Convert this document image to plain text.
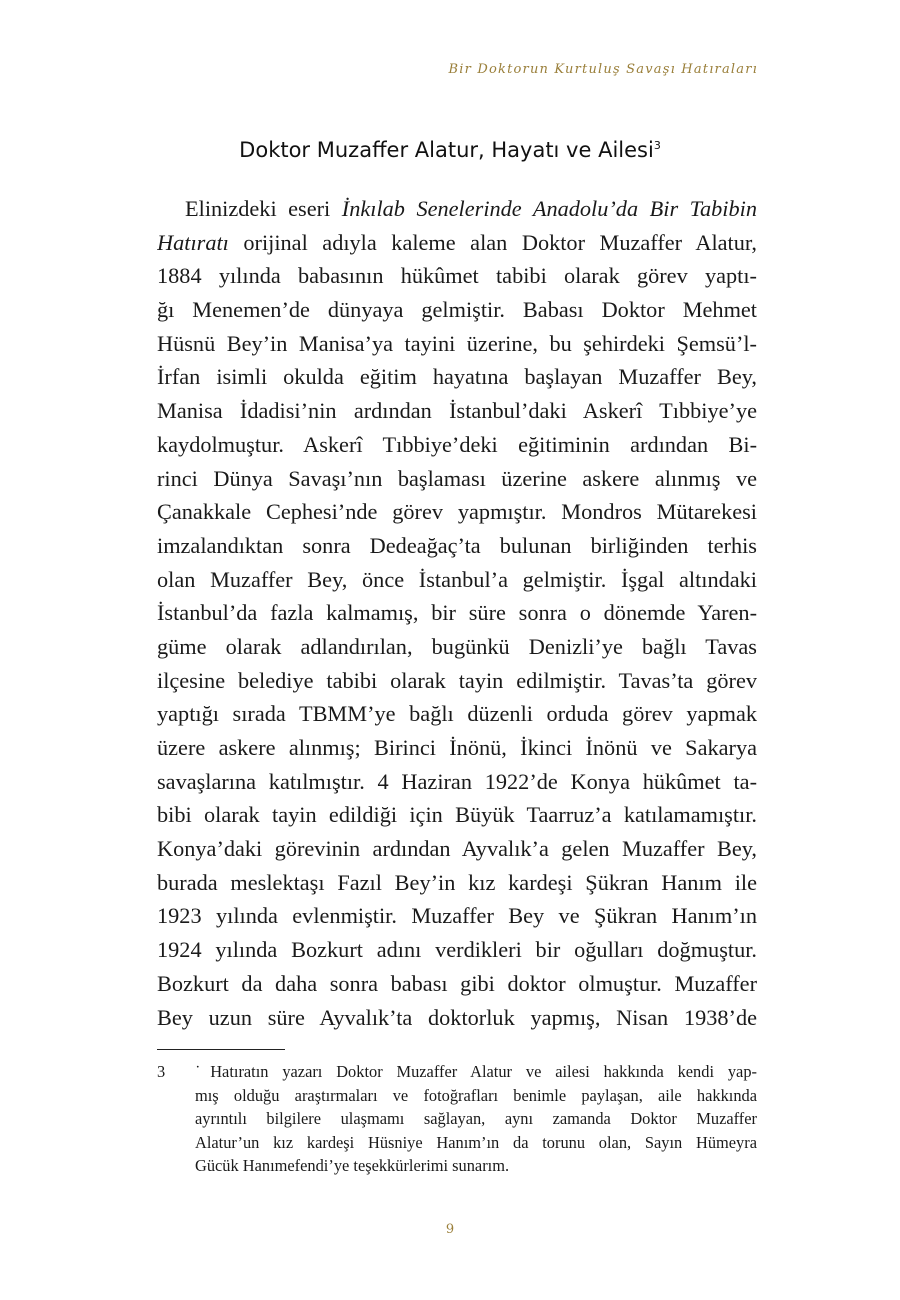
Bir Doktorun Kurtuluş Savaşı Hatıraları
Doktor Muzaffer Alatur, Hayatı ve Ailesi$^3$
Elinizdeki eseri İnkılab Senelerinde Anadolu’da Bir Tabibin
Hatıratı orijinal adıyla kaleme alan Doktor Muzaffer Alatur,
1884 yılında babasının hükûmet tabibi olarak görev yaptı-
ğı Menemen’de dünyaya gelmiştir. Babası Doktor Mehmet
Hüsnü Bey’in Manisa’ya tayini üzerine, bu şehirdeki Şemsü’l-
İrfan isimli okulda eğitim hayatına başlayan Muzaffer Bey,
Manisa İdadisi’nin ardından İstanbul’daki Askerî Tıbbiye’ye
kaydolmuştur. Askerî Tıbbiye’deki eğitiminin ardından Bi-
rinci Dünya Savaşı’nın başlaması üzerine askere alınmış ve
Çanakkale Cephesi’nde görev yapmıştır. Mondros Mütarekesi
imzalandıktan sonra Dedeağaç’ta bulunan birliğinden terhis
olan Muzaffer Bey, önce İstanbul’a gelmiştir. İşgal altındaki
İstanbul’da fazla kalmamış, bir süre sonra o dönemde Yaren-
güme olarak adlandırılan, bugünkü Denizli’ye bağlı Tavas
ilçesine belediye tabibi olarak tayin edilmiştir. Tavas’ta görev
yaptığı sırada TBMM’ye bağlı düzenli orduda görev yapmak
üzere askere alınmış; Birinci İnönü, İkinci İnönü ve Sakarya
savaşlarına katılmıştır. 4 Haziran 1922’de Konya hükûmet ta-
bibi olarak tayin edildiği için Büyük Taarruz’a katılamamıştır.
Konya’daki görevinin ardından Ayvalık’a gelen Muzaffer Bey,
burada meslektaşı Fazıl Bey’in kız kardeşi Şükran Hanım ile
1923 yılında evlenmiştir. Muzaffer Bey ve Şükran Hanım’ın
1924 yılında Bozkurt adını verdikleri bir oğulları doğmuştur.
Bozkurt da daha sonra babası gibi doktor olmuştur. Muzaffer
Bey uzun süre Ayvalık’ta doktorluk yapmış, Nisan 1938’de
3 ˙Hatıratın yazarı Doktor Muzaffer Alatur ve ailesi hakkında kendi yap-
mış olduğu araştırmaları ve fotoğrafları benimle paylaşan, aile hakkında
ayrıntılı bilgilere ulaşmamı sağlayan, aynı zamanda Doktor Muzaffer
Alatur’un kız kardeşi Hüsniye Hanım’ın da torunu olan, Sayın Hümeyra
Gücük Hanımefendi’ye teşekkürlerimi sunarım.
9
